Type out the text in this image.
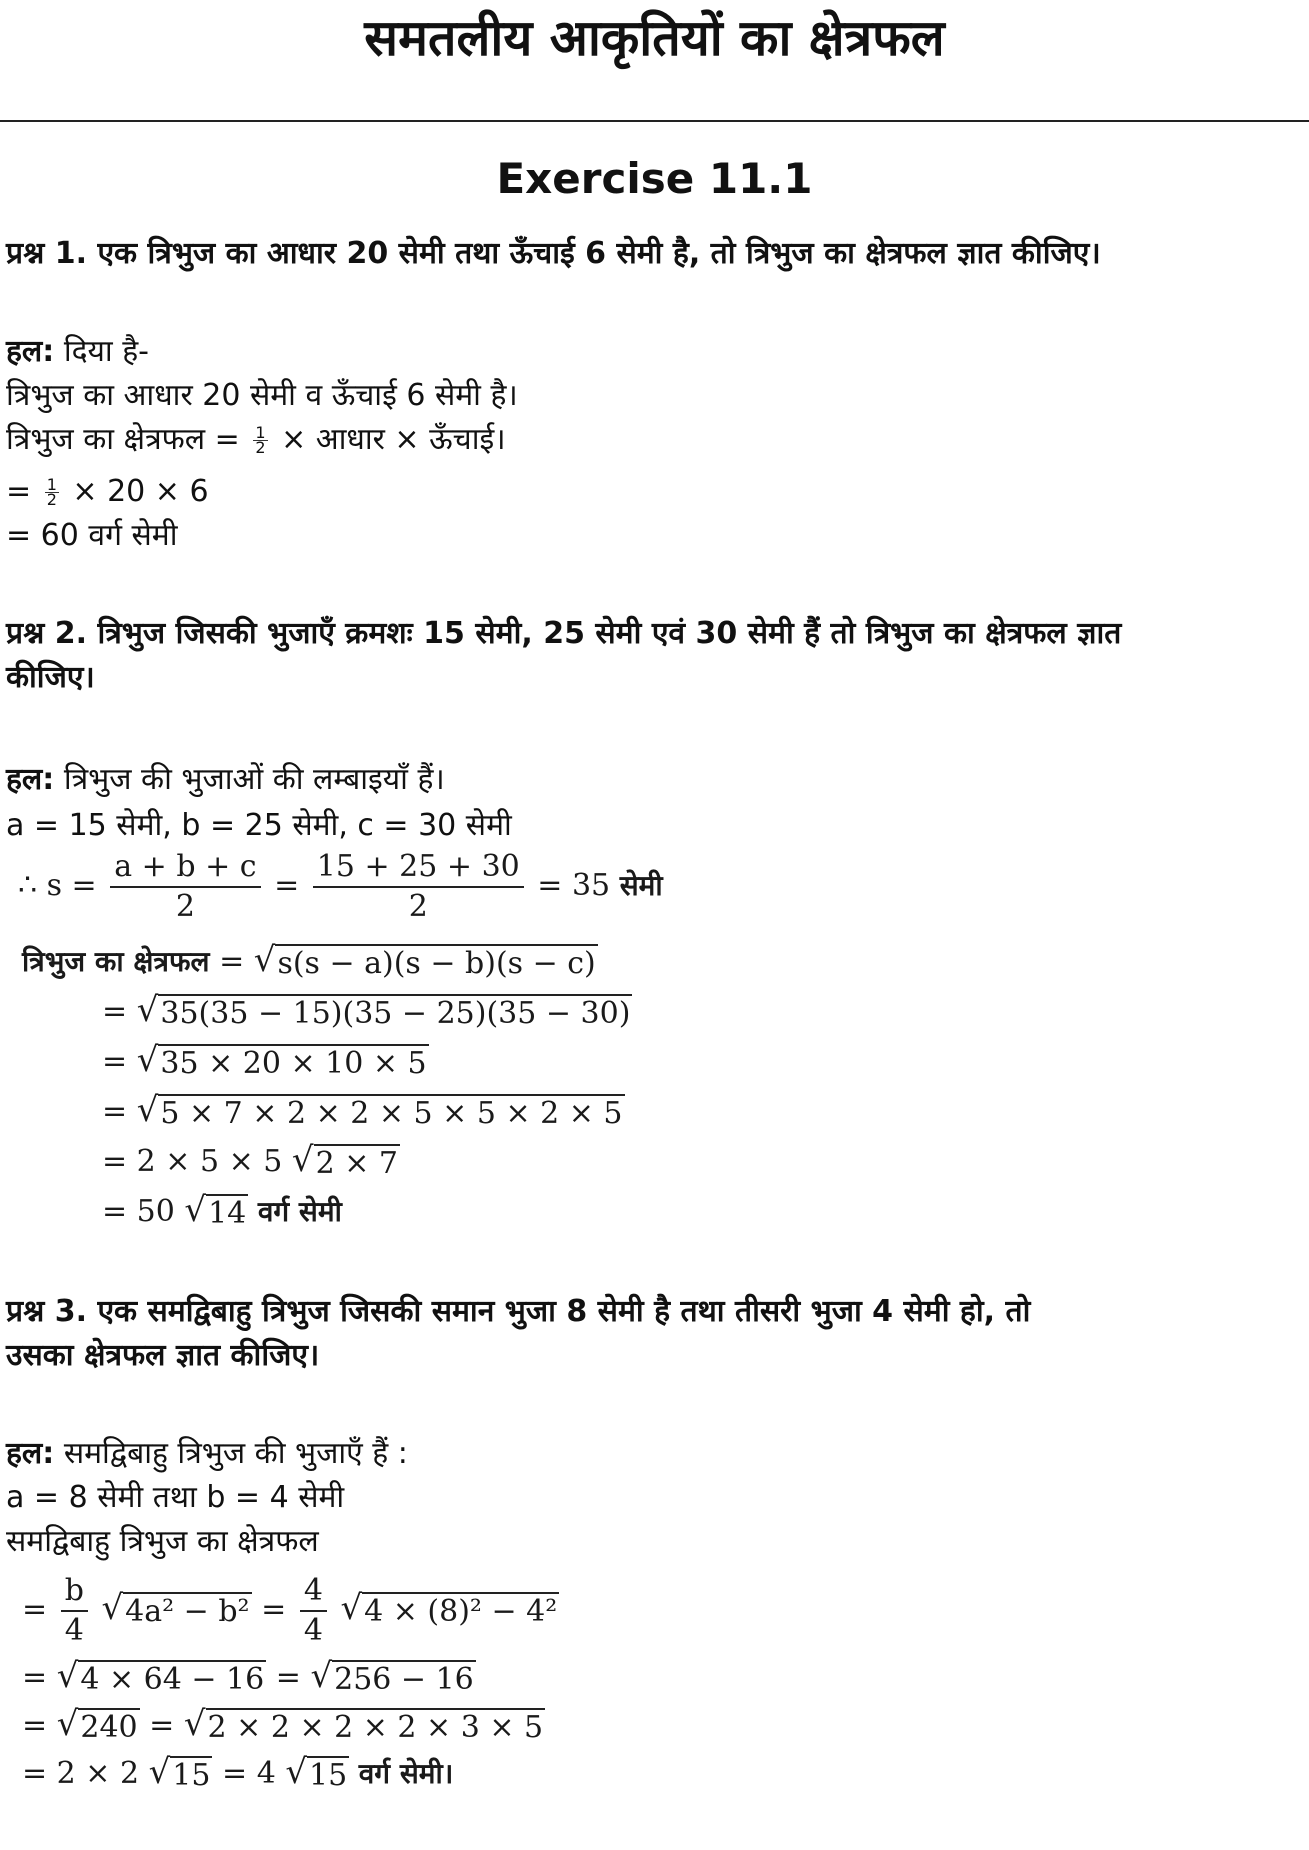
समतलीय आकृतियों का क्षेत्रफल
Exercise 11.1
प्रश्न 1. एक त्रिभुज का आधार 20 सेमी तथा ऊँचाई 6 सेमी है, तो त्रिभुज का क्षेत्रफल ज्ञात कीजिए।
हल: दिया है-
त्रिभुज का आधार 20 सेमी व ऊँचाई 6 सेमी है।
त्रिभुज का क्षेत्रफल = $\frac{1}{2}$ × आधार × ऊँचाई।
= $\frac{1}{2} \times 20 \times 6$
= 60 वर्ग सेमी
प्रश्न 2. त्रिभुज जिसकी भुजाएँ क्रमशः 15 सेमी, 25 सेमी एवं 30 सेमी हैं तो त्रिभुज का क्षेत्रफल ज्ञात
कीजिए।
हल: त्रिभुज की भुजाओं की लम्बाइयाँ हैं।
a = 15 सेमी, b = 25 सेमी, c = 30 सेमी
∴ $s = \frac{a + b + c}{2} = \frac{15 + 25 + 30}{2} = 35$ सेमी
त्रिभुज का क्षेत्रफल = √ s(s − a)(s − b)(s − c)
= √ 35(35 − 15)(35 − 25)(35 − 30)
= √ 35 × 20 × 10 × 5
= √ 5 × 7 × 2 × 2 × 5 × 5 × 2 × 5
= 2 × 5 × 5 √ 2 × 7
= 50 √ 14 वर्ग सेमी
प्रश्न 3. एक समद्विबाहु त्रिभुज जिसकी समान भुजा 8 सेमी है तथा तीसरी भुजा 4 सेमी हो, तो
उसका क्षेत्रफल ज्ञात कीजिए।
हल: समद्विबाहु त्रिभुज की भुजाएँ हैं :
a = 8 सेमी तथा b = 4 सेमी
समद्विबाहु त्रिभुज का क्षेत्रफल
= $\frac{b}{4}$
√ $4a^2 - b^2 = \frac{4}{4}$
√ 4 × (8)² − 4²
= √ 4 × 64 − 16 = √ 256 − 16
= √ 240 = √ 2 × 2 × 2 × 2 × 3 × 5
= 2 × 2 √ 15 = 4 √ 15 वर्ग सेमी।
